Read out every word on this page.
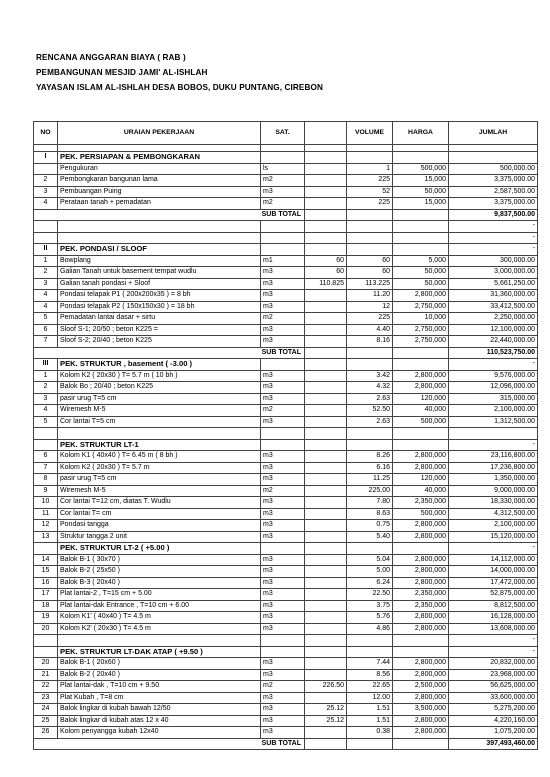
RENCANA ANGGARAN BIAYA ( RAB )
PEMBANGUNAN MESJID JAMI' AL-ISHLAH
YAYASAN ISLAM AL-ISHLAH DESA BOBOS, DUKU PUNTANG, CIREBON
NO	URAIAN PEKERJAAN	SAT.		VOLUME	HARGA	JUMLAH

I	PEK. PERSIAPAN & PEMBONGKARAN					
	Pengukuran	ls		1	500,000	500,000.00
2	Pembongkaran bangunan lama	m2		225	15,000	3,375,000.00
3	Pembuangan Puing	m3		52	50,000	2,587,500.00
4	Perataan tanah + pemadatan	m2		225	15,000	3,375,000.00
SUB TOTAL						9,837,500.00
						-
						-
II	PEK. PONDASI / SLOOF					-
1	Bowplang	m1	60	60	5,000	300,000.00
2	Galian Tanah untuk basement tempat wudlu	m3	60	60	50,000	3,000,000.00
3	Galian tanah pondasi + Sloof	m3	110.825	113.225	50,000	5,661,250.00
4	Pondasi telapak P1 ( 200x200x35 ) = 8 bh	m3		11.20	2,800,000	31,360,000.00
4	Pondasi telapak P2 ( 150x150x30 ) = 18 bh	m3		12	2,750,000	33,412,500.00
5	Pemadatan lantai dasar + sirtu	m2		225	10,000	2,250,000.00
6	Sloof S-1; 20/50 ; beton K225 =	m3		4.40	2,750,000	12,100,000.00
7	Sloof S-2; 20/40 ; beton K225	m3		8.16	2,750,000	22,440,000.00
SUB TOTAL						110,523,750.00
III	PEK. STRUKTUR , basement ( -3.00 )					-
1	Kolom K2 ( 20x30 ) T= 5.7 m ( 10 bh )	m3		3.42	2,800,000	9,576,000.00
2	Balok Bo ; 20/40 ; beton K225	m3		4.32	2,800,000	12,096,000.00
3	pasir urug T=5 cm	m3		2.63	120,000	315,000.00
4	Wiremesh M-5	m2		52.50	40,000	2,100,000.00
5	Cor lantai T=5 cm	m3		2.63	500,000	1,312,500.00

	PEK. STRUKTUR LT-1					-
6	Kolom K1 ( 40x40 ) T= 6.45 m ( 8 bh )	m3		8.26	2,800,000	23,116,800.00
7	Kolom K2 ( 20x30 ) T= 5.7 m	m3		6.16	2,800,000	17,236,800.00
8	pasir urug T=5 cm	m3		11.25	120,000	1,350,000.00
9	Wiremesh M-5	m2		225.00	40,000	9,000,000.00
10	Cor lantai T=12 cm, diatas T. Wudlu	m3		7.80	2,350,000	18,330,000.00
11	Cor lantai T= cm	m3		8.63	500,000	4,312,500.00
12	Pondasi tangga	m3		0.75	2,800,000	2,100,000.00
13	Struktur tangga 2 unit	m3		5.40	2,800,000	15,120,000.00
	PEK. STRUKTUR LT-2 ( +5.00 )					-
14	Balok B-1 ( 30x70 )	m3		5.04	2,800,000	14,112,000.00
15	Balok B-2 ( 25x50 )	m3		5.00	2,800,000	14,000,000.00
16	Balok B-3 ( 20x40 )	m3		6.24	2,800,000	17,472,000.00
17	Plat lantai-2 , T=15 cm + 5.00	m3		22.50	2,350,000	52,875,000.00
18	Plat lantai-dak Entrance , T=10 cm + 6.00	m3		3.75	2,350,000	8,812,500.00
19	Kolom K1' ( 40x40 ) T= 4.5 m	m3		5.76	2,800,000	16,128,000.00
20	Kolom K2' ( 20x30 ) T= 4.5 m	m3		4.86	2,800,000	13,608,000.00
						-
	PEK. STRUKTUR LT-DAK ATAP ( +9.50 )					-
20	Balok B-1 ( 20x60 )	m3		7.44	2,800,000	20,832,000.00
21	Balok B-2 ( 20x40 )	m3		8.56	2,800,000	23,968,000.00
22	Plat lantai-dak , T=10 cm + 9.50	m2	226.50	22.65	2,500,000	56,625,000.00
23	Plat Kubah , T=8 cm	m3		12.00	2,800,000	33,600,000.00
24	Balok lingkar di kubah bawah 12/50	m3	25.12	1.51	3,500,000	5,275,200.00
25	Balok lingkar di kubah atas 12 x 40	m3	25.12	1.51	2,800,000	4,220,160.00
26	Kolom penyangga kubah 12x40	m3		0.38	2,800,000	1,075,200.00
SUB TOTAL						397,493,460.00
